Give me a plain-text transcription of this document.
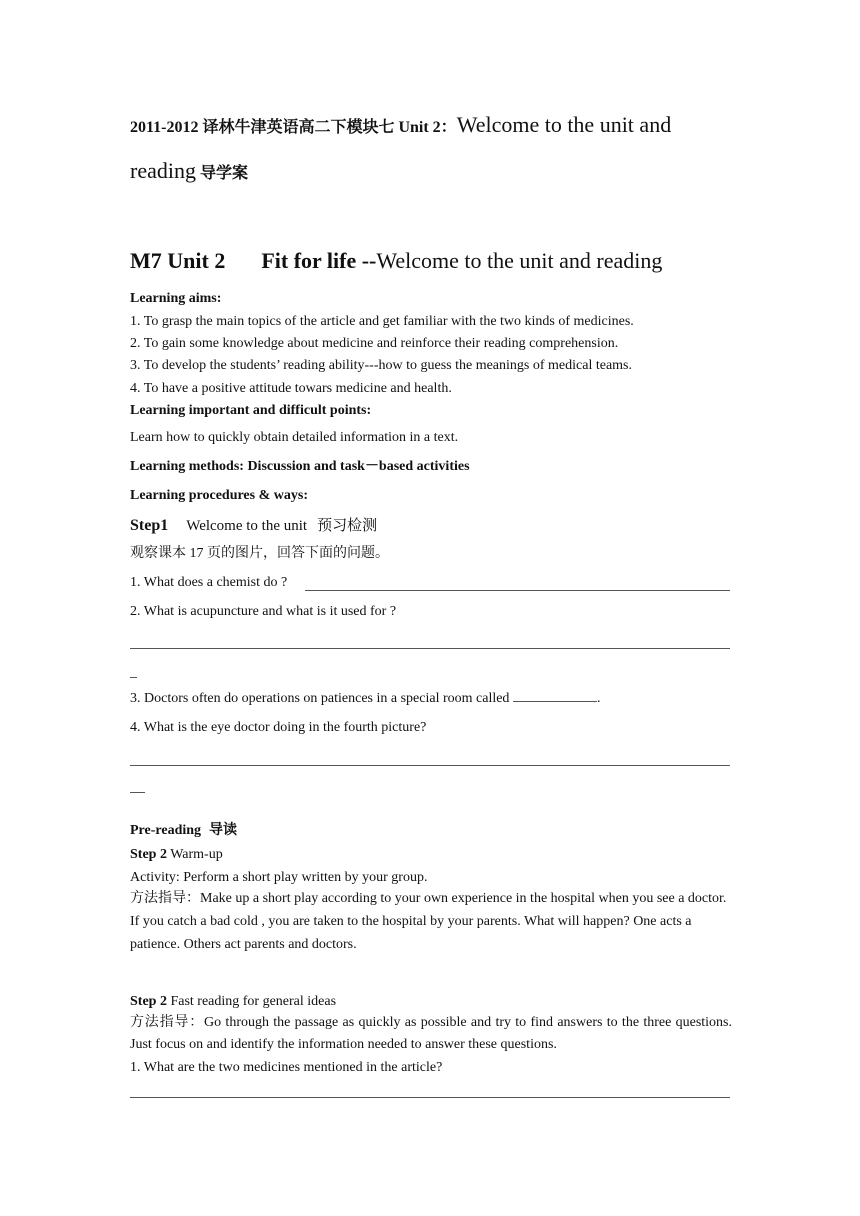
2011-2012 译林牛津英语高二下模块七 Unit 2：Welcome to the unit and
reading 导学案
M7 Unit 2 Fit for life --Welcome to the unit and reading
Learning aims:
1. To grasp the main topics of the article and get familiar with the two kinds of medicines.
2. To gain some knowledge about medicine and reinforce their reading comprehension.
3. To develop the students’ reading ability---how to guess the meanings of medical teams.
4. To have a positive attitude towars medicine and health.
Learning important and difficult points:
Learn how to quickly obtain detailed information in a text.
Learning methods: Discussion and task－based activities
Learning procedures & ways:
Step1 Welcome to the unit 预习检测
观察课本 17 页的图片，回答下面的问题。
1. What does a chemist do ?
2. What is acupuncture and what is it used for ?
3. Doctors often do operations on patiences in a special room called	.
4. What is the eye doctor doing in the fourth picture?
Pre-reading 导读
Step 2 Warm-up
Activity: Perform a short play written by your group.
方法指导：Make up a short play according to your own experience in the hospital when you see a doctor. If you catch a bad cold , you are taken to the hospital by your parents. What will happen? One acts a patience. Others act parents and doctors.
Step 2 Fast reading for general ideas
方法指导：Go through the passage as quickly as possible and try to find answers to the three questions. Just focus on and identify the information needed to answer these questions.
1. What are the two medicines mentioned in the article?
